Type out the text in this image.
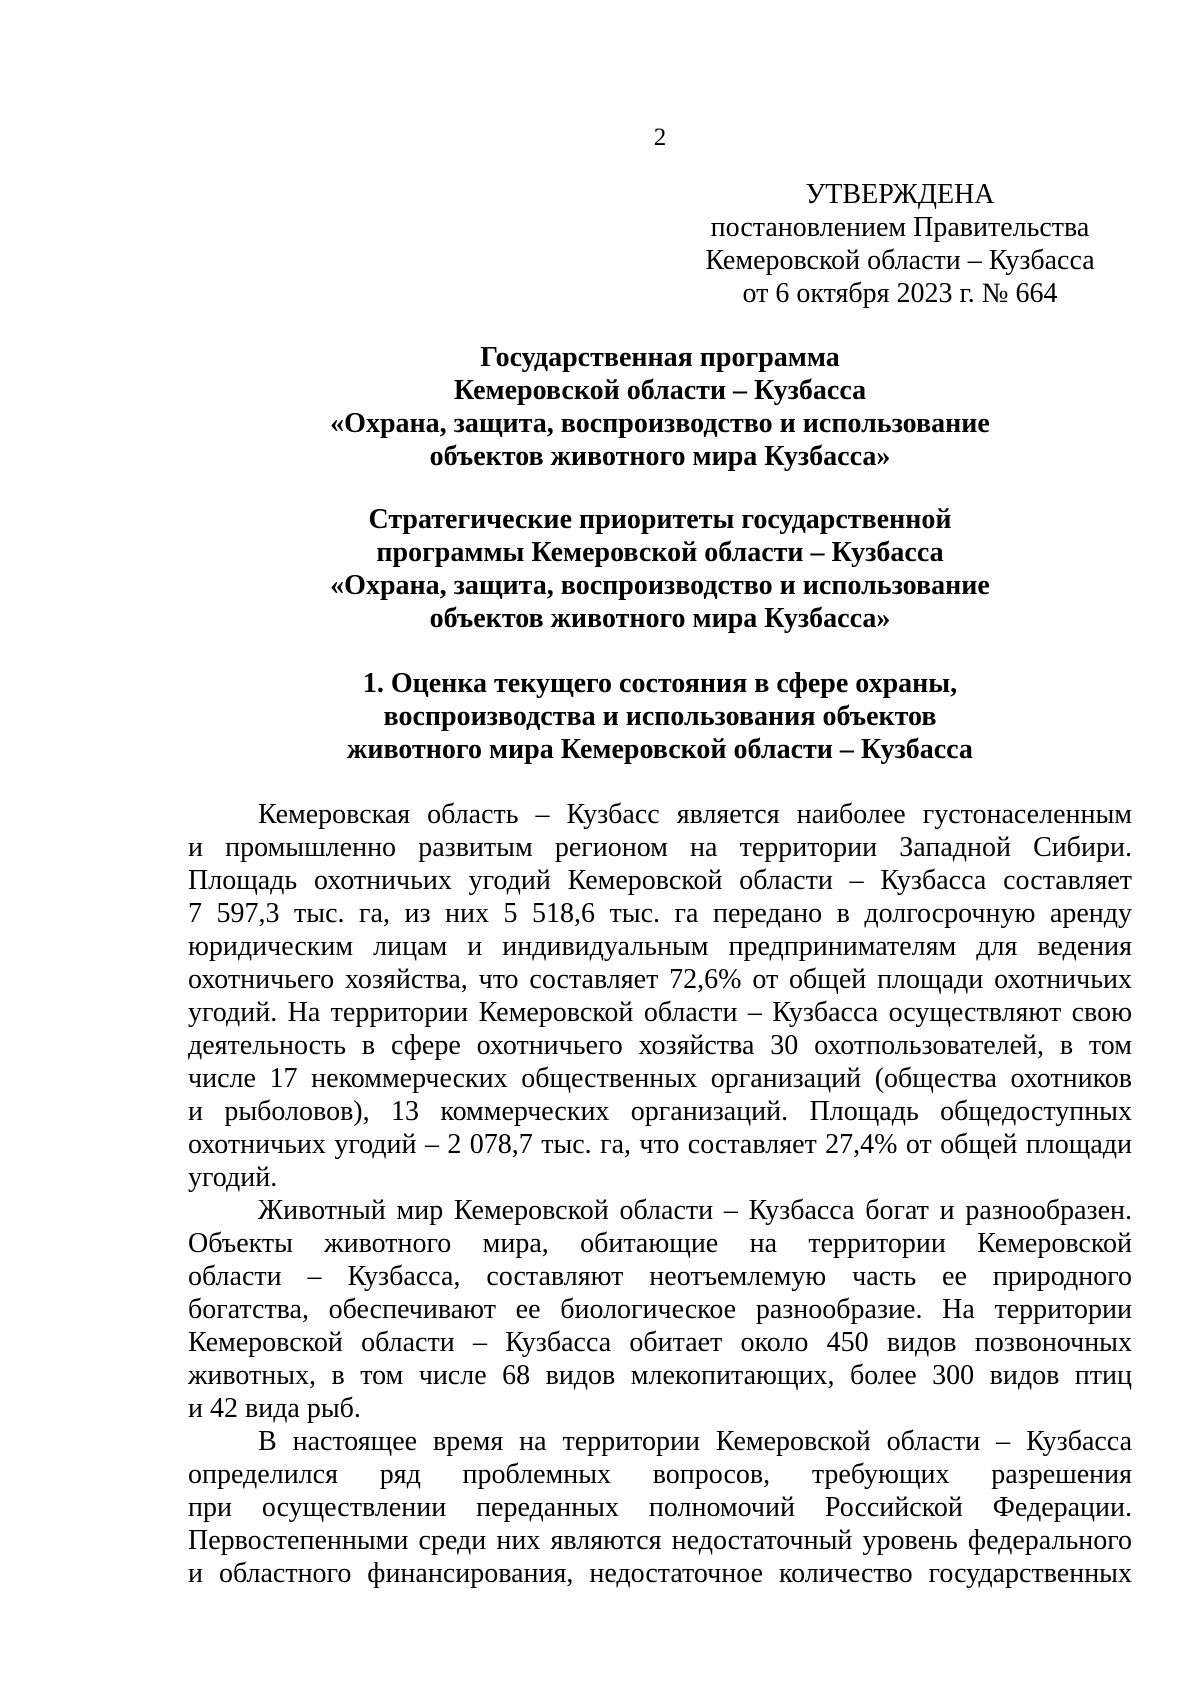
2
УТВЕРЖДЕНА
постановлением Правительства
Кемеровской области – Кузбасса
от 6 октября 2023 г. № 664
Государственная программа
Кемеровской области – Кузбасса
«Охрана, защита, воспроизводство и использование
объектов животного мира Кузбасса»
Стратегические приоритеты государственной
программы Кемеровской области – Кузбасса
«Охрана, защита, воспроизводство и использование
объектов животного мира Кузбасса»
1. Оценка текущего состояния в сфере охраны,
воспроизводства и использования объектов
животного мира Кемеровской области – Кузбасса
Кемеровская область – Кузбасс является наиболее густонаселенным
и промышленно развитым регионом на территории Западной Сибири.
Площадь охотничьих угодий Кемеровской области – Кузбасса составляет
7 597,3 тыс. га, из них 5 518,6 тыс. га передано в долгосрочную аренду
юридическим лицам и индивидуальным предпринимателям для ведения
охотничьего хозяйства, что составляет 72,6% от общей площади охотничьих
угодий. На территории Кемеровской области – Кузбасса осуществляют свою
деятельность в сфере охотничьего хозяйства 30 охотпользователей, в том
числе 17 некоммерческих общественных организаций (общества охотников
и рыболовов), 13 коммерческих организаций. Площадь общедоступных
охотничьих угодий – 2 078,7 тыс. га, что составляет 27,4% от общей площади
угодий.
Животный мир Кемеровской области – Кузбасса богат и разнообразен.
Объекты животного мира, обитающие на территории Кемеровской
области – Кузбасса, составляют неотъемлемую часть ее природного
богатства, обеспечивают ее биологическое разнообразие. На территории
Кемеровской области – Кузбасса обитает около 450 видов позвоночных
животных, в том числе 68 видов млекопитающих, более 300 видов птиц
и 42 вида рыб.
В настоящее время на территории Кемеровской области – Кузбасса
определился ряд проблемных вопросов, требующих разрешения
при осуществлении переданных полномочий Российской Федерации.
Первостепенными среди них являются недостаточный уровень федерального
и областного финансирования, недостаточное количество государственных
